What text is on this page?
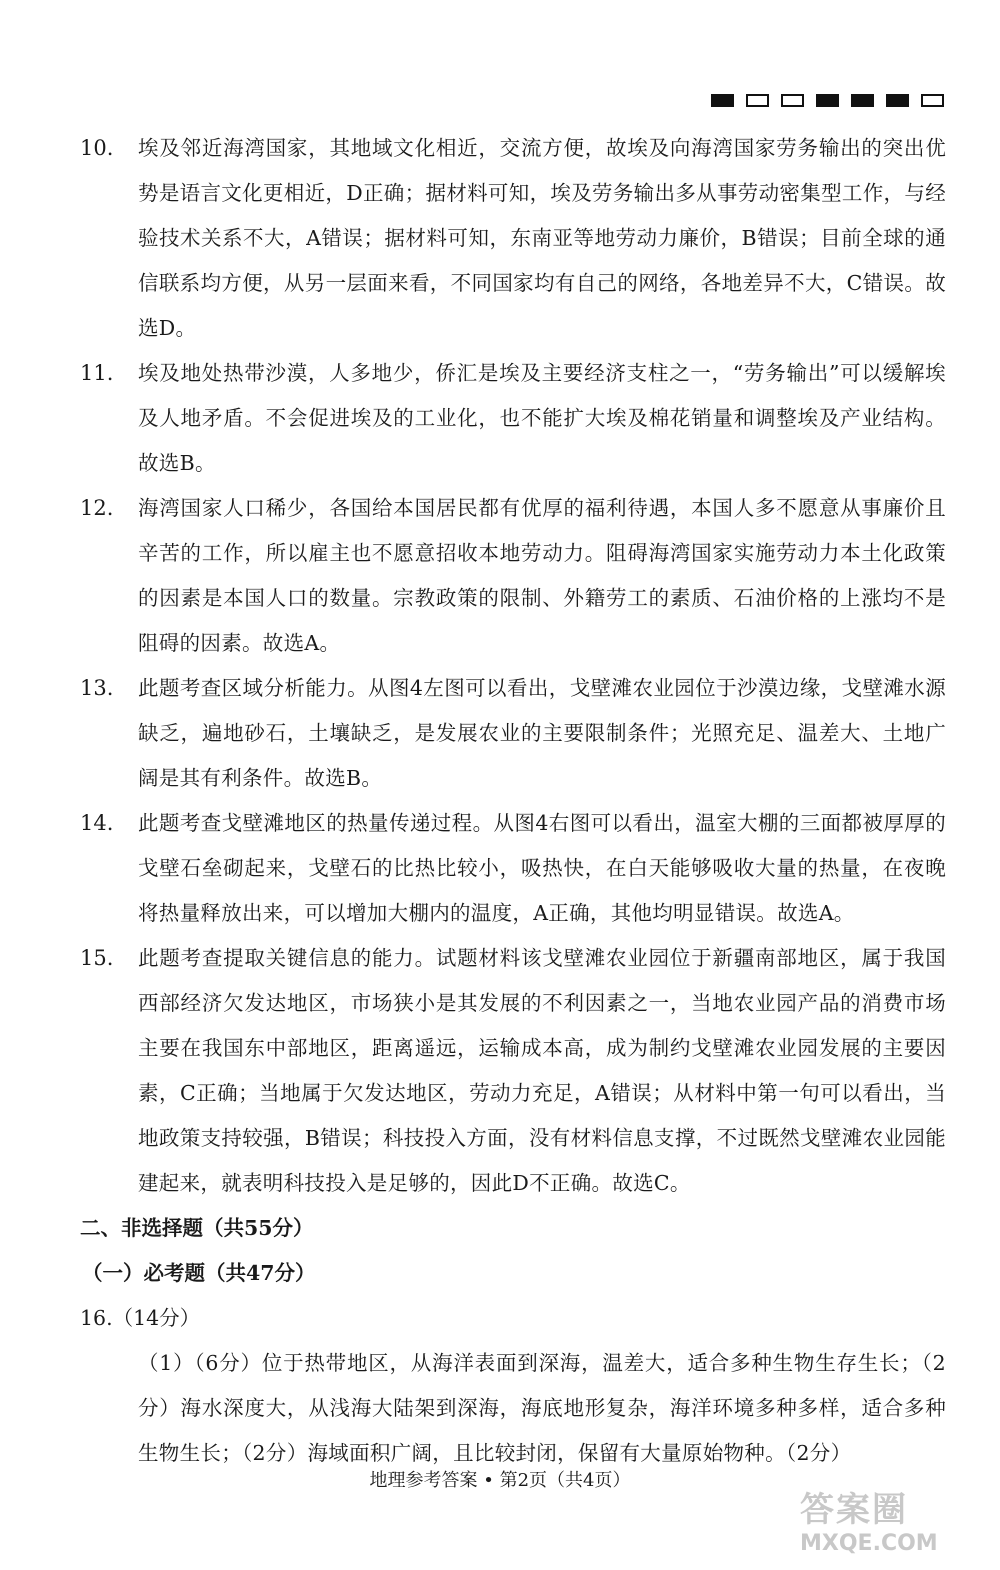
10.	埃及邻近海湾国家，其地域文化相近，交流方便，故埃及向海湾国家劳务输出的突出优势是语言文化更相近，D正确；据材料可知，埃及劳务输出多从事劳动密集型工作，与经验技术关系不大，A错误；据材料可知，东南亚等地劳动力廉价，B错误；目前全球的通信联系均方便，从另一层面来看，不同国家均有自己的网络，各地差异不大，C错误。故选D。
11.	埃及地处热带沙漠，人多地少，侨汇是埃及主要经济支柱之一，“劳务输出”可以缓解埃及人地矛盾。不会促进埃及的工业化，也不能扩大埃及棉花销量和调整埃及产业结构。故选B。
12.	海湾国家人口稀少，各国给本国居民都有优厚的福利待遇，本国人多不愿意从事廉价且辛苦的工作，所以雇主也不愿意招收本地劳动力。阻碍海湾国家实施劳动力本土化政策的因素是本国人口的数量。宗教政策的限制、外籍劳工的素质、石油价格的上涨均不是阻碍的因素。故选A。
13.	此题考查区域分析能力。从图4左图可以看出，戈壁滩农业园位于沙漠边缘，戈壁滩水源缺乏，遍地砂石，土壤缺乏，是发展农业的主要限制条件；光照充足、温差大、土地广阔是其有利条件。故选B。
14.	此题考查戈壁滩地区的热量传递过程。从图4右图可以看出，温室大棚的三面都被厚厚的戈壁石垒砌起来，戈壁石的比热比较小，吸热快，在白天能够吸收大量的热量，在夜晚将热量释放出来，可以增加大棚内的温度，A正确，其他均明显错误。故选A。
15.	此题考查提取关键信息的能力。试题材料该戈壁滩农业园位于新疆南部地区，属于我国西部经济欠发达地区，市场狭小是其发展的不利因素之一，当地农业园产品的消费市场主要在我国东中部地区，距离遥远，运输成本高，成为制约戈壁滩农业园发展的主要因素，C正确；当地属于欠发达地区，劳动力充足，A错误；从材料中第一句可以看出，当地政策支持较强，B错误；科技投入方面，没有材料信息支撑，不过既然戈壁滩农业园能建起来，就表明科技投入是足够的，因此D不正确。故选C。
二、非选择题（共55分）
（一）必考题（共47分）
16.（14分）
（1）（6分）位于热带地区，从海洋表面到深海，温差大，适合多种生物生存生长；（2分）海水深度大，从浅海大陆架到深海，海底地形复杂，海洋环境多种多样，适合多种生物生长；（2分）海域面积广阔，且比较封闭，保留有大量原始物种。（2分）
地理参考答案 • 第2页（共4页）
答案圈
MXQE.COM
